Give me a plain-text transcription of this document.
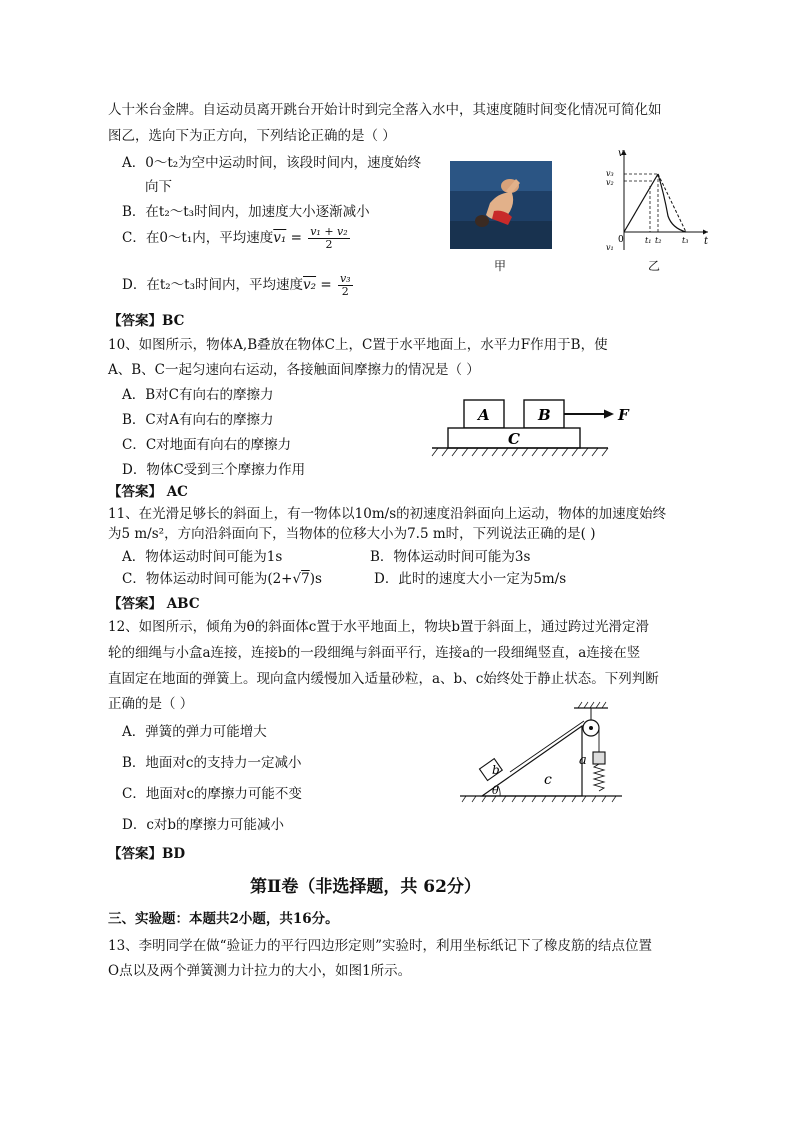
人十米台金牌。自运动员离开跳台开始计时到完全落入水中，其速度随时间变化情况可简化如
图乙，选向下为正方向，下列结论正确的是（ ）
A．0～t₂为空中运动时间，该段时间内，速度始终
向下
B．在t₂～t₃时间内，加速度大小逐渐减小
C．在0～t₁内，平均速度$v_1 = \frac{\text{v₁ + v₂}}{2}$
D．在t₂～t₃时间内，平均速度$v_2 = \frac{\text{v₃}}{2}$
【答案】BC
甲
v
t
0
v₃
v₂
v₁
t₁ t₂	t₃
乙
10、如图所示，物体A,B叠放在物体C上，C置于水平地面上，水平力F作用于B，使
A、B、C一起匀速向右运动，各接触面间摩擦力的情况是（ ）
A．B对C有向右的摩擦力
B．C对A有向右的摩擦力
C．C对地面有向右的摩擦力
D．物体C受到三个摩擦力作用
【答案】 AC
A	B
C
F
11、在光滑足够长的斜面上，有一物体以10m/s的初速度沿斜面向上运动，物体的加速度始终
为5 m/s²，方向沿斜面向下，当物体的位移大小为7.5 m时，下列说法正确的是( )
A．物体运动时间可能为1s	B．物体运动时间可能为3s
C．物体运动时间可能为(2+√7)s	D．此时的速度大小一定为5m/s
【答案】 ABC
12、如图所示，倾角为θ的斜面体c置于水平地面上，物块b置于斜面上，通过跨过光滑定滑
轮的细绳与小盒a连接，连接b的一段细绳与斜面平行，连接a的一段细绳竖直，a连接在竖
直固定在地面的弹簧上。现向盒内缓慢加入适量砂粒，a、b、c始终处于静止状态。下列判断
正确的是（ ）
A．弹簧的弹力可能增大
B．地面对c的支持力一定减小
C．地面对c的摩擦力可能不变
D．c对b的摩擦力可能减小
【答案】BD
θ
b
c
a
第Ⅱ卷（非选择题，共 62分）
三、实验题：本题共2小题，共16分。
13、李明同学在做“验证力的平行四边形定则”实验时，利用坐标纸记下了橡皮筋的结点位置
O点以及两个弹簧测力计拉力的大小，如图1所示。
